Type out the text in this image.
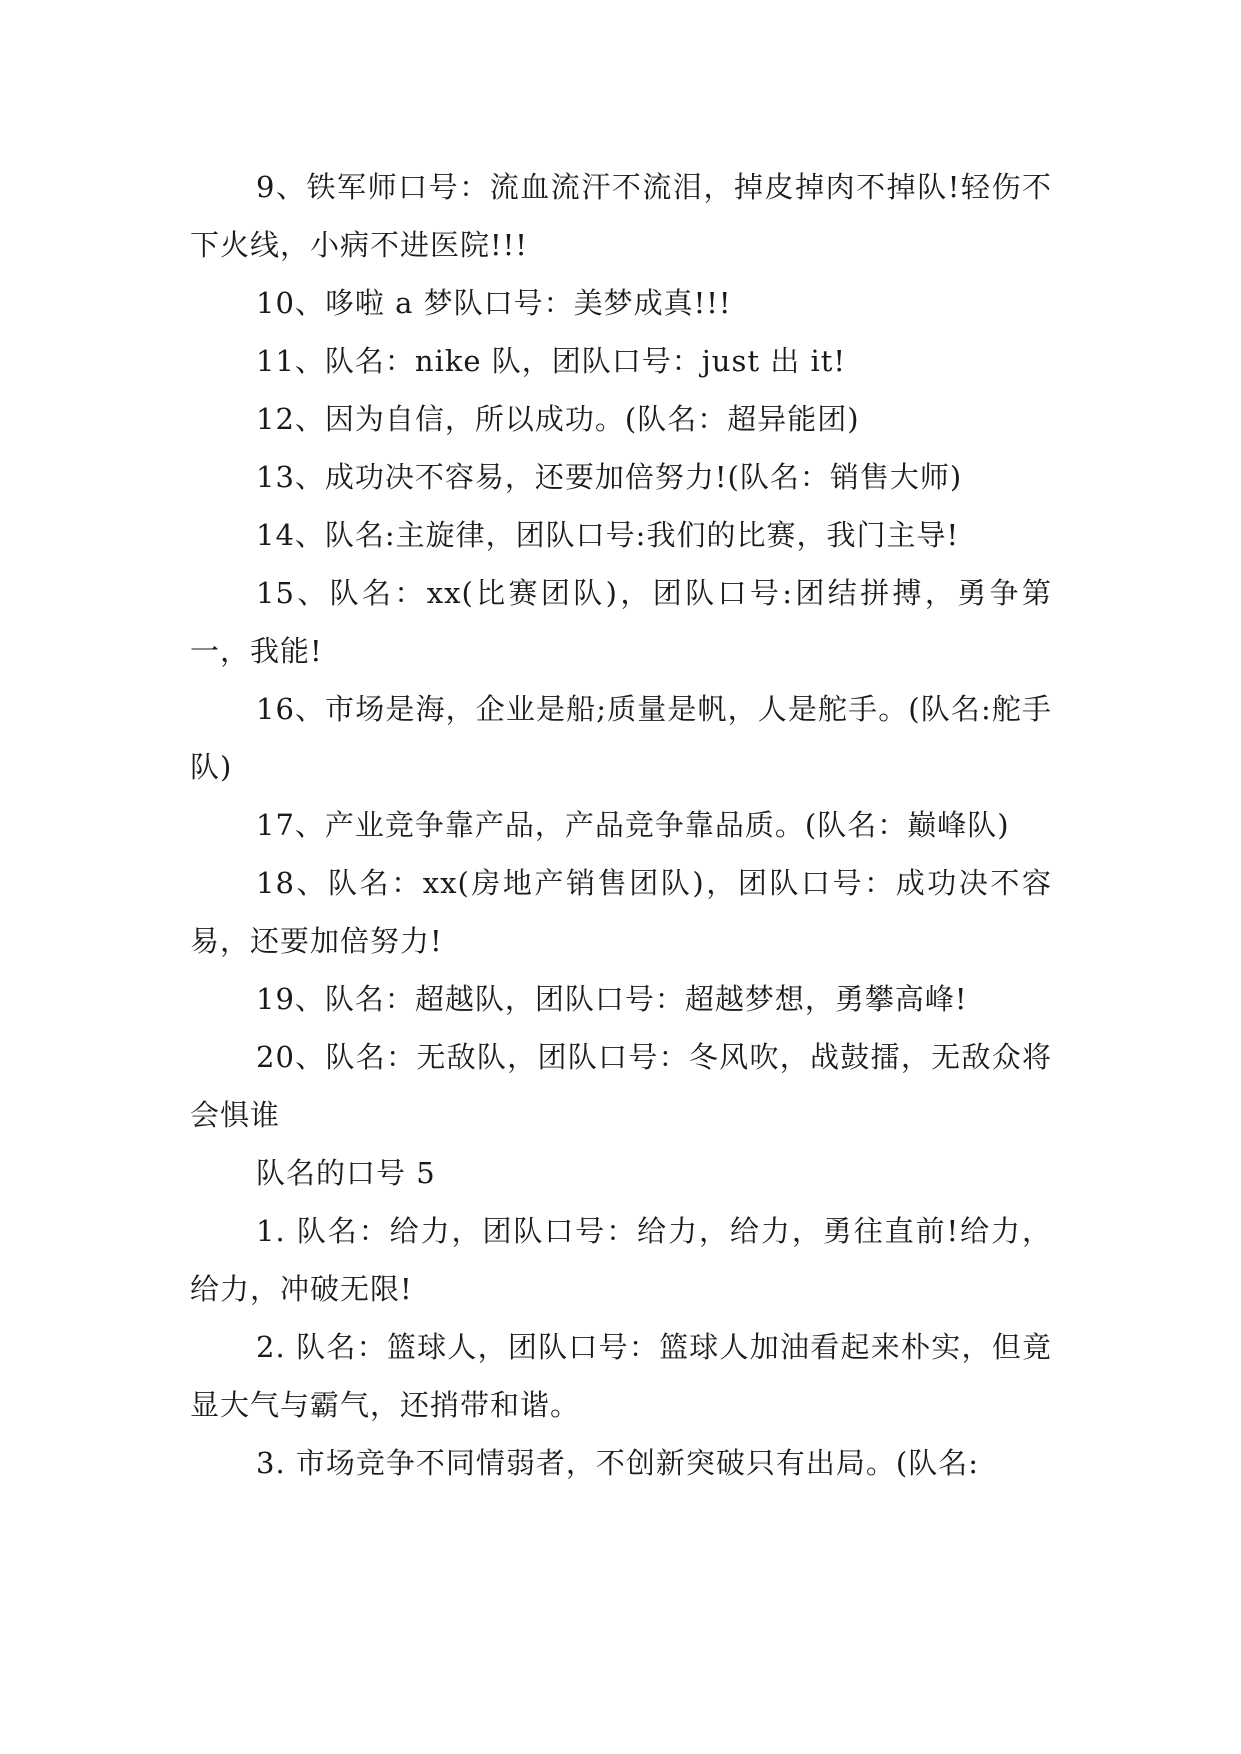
9、铁军师口号：流血流汗不流泪，掉皮掉肉不掉队!轻伤不下火线，小病不进医院!!!

10、哆啦 a 梦队口号：美梦成真!!!

11、队名：nike 队，团队口号：just 出 it!

12、因为自信，所以成功。(队名：超异能团)

13、成功决不容易，还要加倍努力!(队名：销售大师)

14、队名:主旋律，团队口号:我们的比赛，我门主导!

15、队名：xx(比赛团队)，团队口号:团结拼搏，勇争第一，我能!

16、市场是海，企业是船;质量是帆，人是舵手。(队名:舵手队)

17、产业竞争靠产品，产品竞争靠品质。(队名：巅峰队)

18、队名：xx(房地产销售团队)，团队口号：成功决不容易，还要加倍努力!

19、队名：超越队，团队口号：超越梦想，勇攀高峰!

20、队名：无敌队，团队口号：冬风吹，战鼓擂，无敌众将会惧谁

队名的口号 5

1. 队名：给力，团队口号：给力，给力，勇往直前!给力，给力，冲破无限!

2. 队名：篮球人，团队口号：篮球人加油看起来朴实，但竟显大气与霸气，还捎带和谐。

3. 市场竞争不同情弱者，不创新突破只有出局。(队名:
